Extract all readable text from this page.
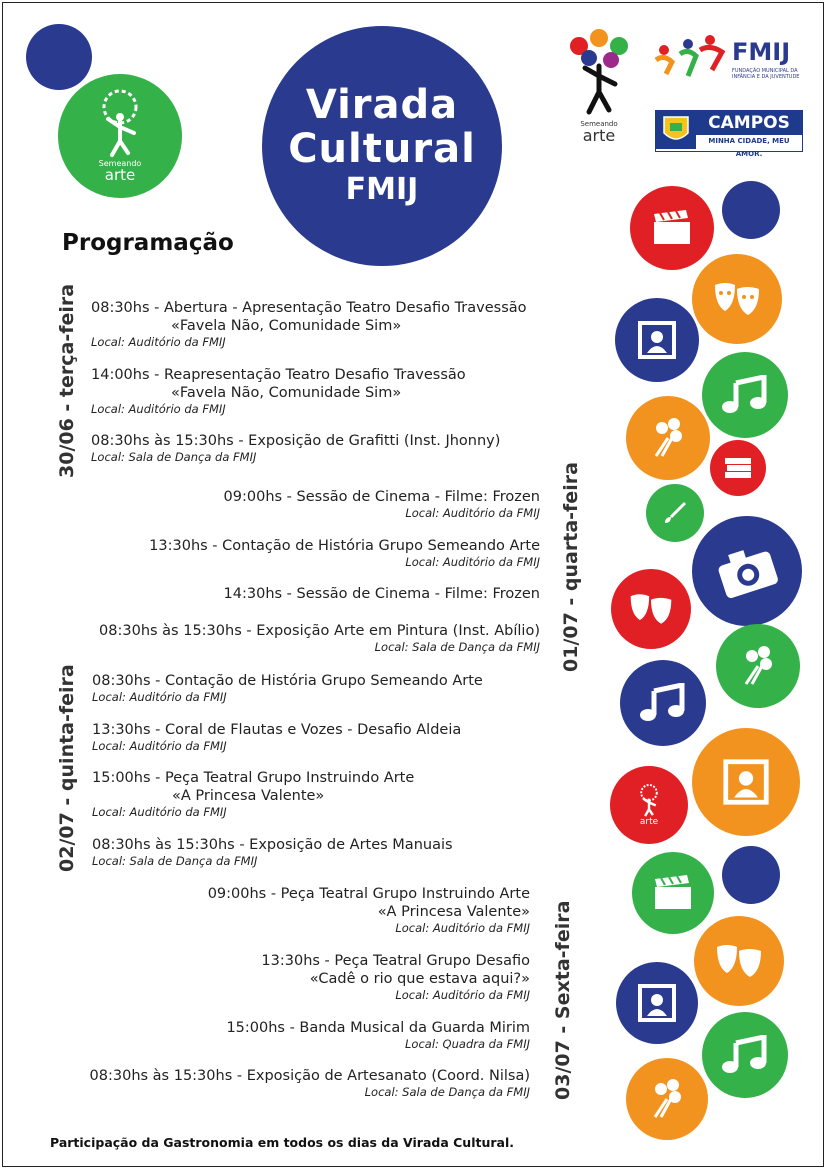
Semeando
arte
Virada
Cultural
FMIJ
Semeando
arte
FMIJ
FUNDAÇÃO MUNICIPAL DA INFÂNCIA E DA JUVENTUDE
CAMPOS
MINHA CIDADE, MEU AMOR.
arte
Programação
30/06 - terça-feira
01/07 - quarta-feira
02/07 - quinta-feira
03/07 - Sexta-feira
08:30hs - Abertura - Apresentação Teatro Desafio Travessão
«Favela Não, Comunidade Sim»
Local: Auditório da FMIJ
14:00hs - Reapresentação Teatro Desafio Travessão
«Favela Não, Comunidade Sim»
Local: Auditório da FMIJ
08:30hs às 15:30hs - Exposição de Grafitti (Inst. Jhonny)
Local: Sala de Dança da FMIJ
09:00hs - Sessão de Cinema - Filme: Frozen
Local: Auditório da FMIJ
13:30hs - Contação de História Grupo Semeando Arte
Local: Auditório da FMIJ
14:30hs - Sessão de Cinema - Filme: Frozen
08:30hs às 15:30hs - Exposição Arte em Pintura (Inst. Abílio)
Local: Sala de Dança da FMIJ
08:30hs - Contação de História Grupo Semeando Arte
Local: Auditório da FMIJ
13:30hs - Coral de Flautas e Vozes - Desafio Aldeia
Local: Auditório da FMIJ
15:00hs - Peça Teatral Grupo Instruindo Arte
«A Princesa Valente»
Local: Auditório da FMIJ
08:30hs às 15:30hs - Exposição de Artes Manuais
Local: Sala de Dança da FMIJ
09:00hs - Peça Teatral Grupo Instruindo Arte
«A Princesa Valente»
Local: Auditório da FMIJ
13:30hs - Peça Teatral Grupo Desafio
«Cadê o rio que estava aqui?»
Local: Auditório da FMIJ
15:00hs - Banda Musical da Guarda Mirim
Local: Quadra da FMIJ
08:30hs às 15:30hs - Exposição de Artesanato (Coord. Nilsa)
Local: Sala de Dança da FMIJ
Participação da Gastronomia em todos os dias da Virada Cultural.
